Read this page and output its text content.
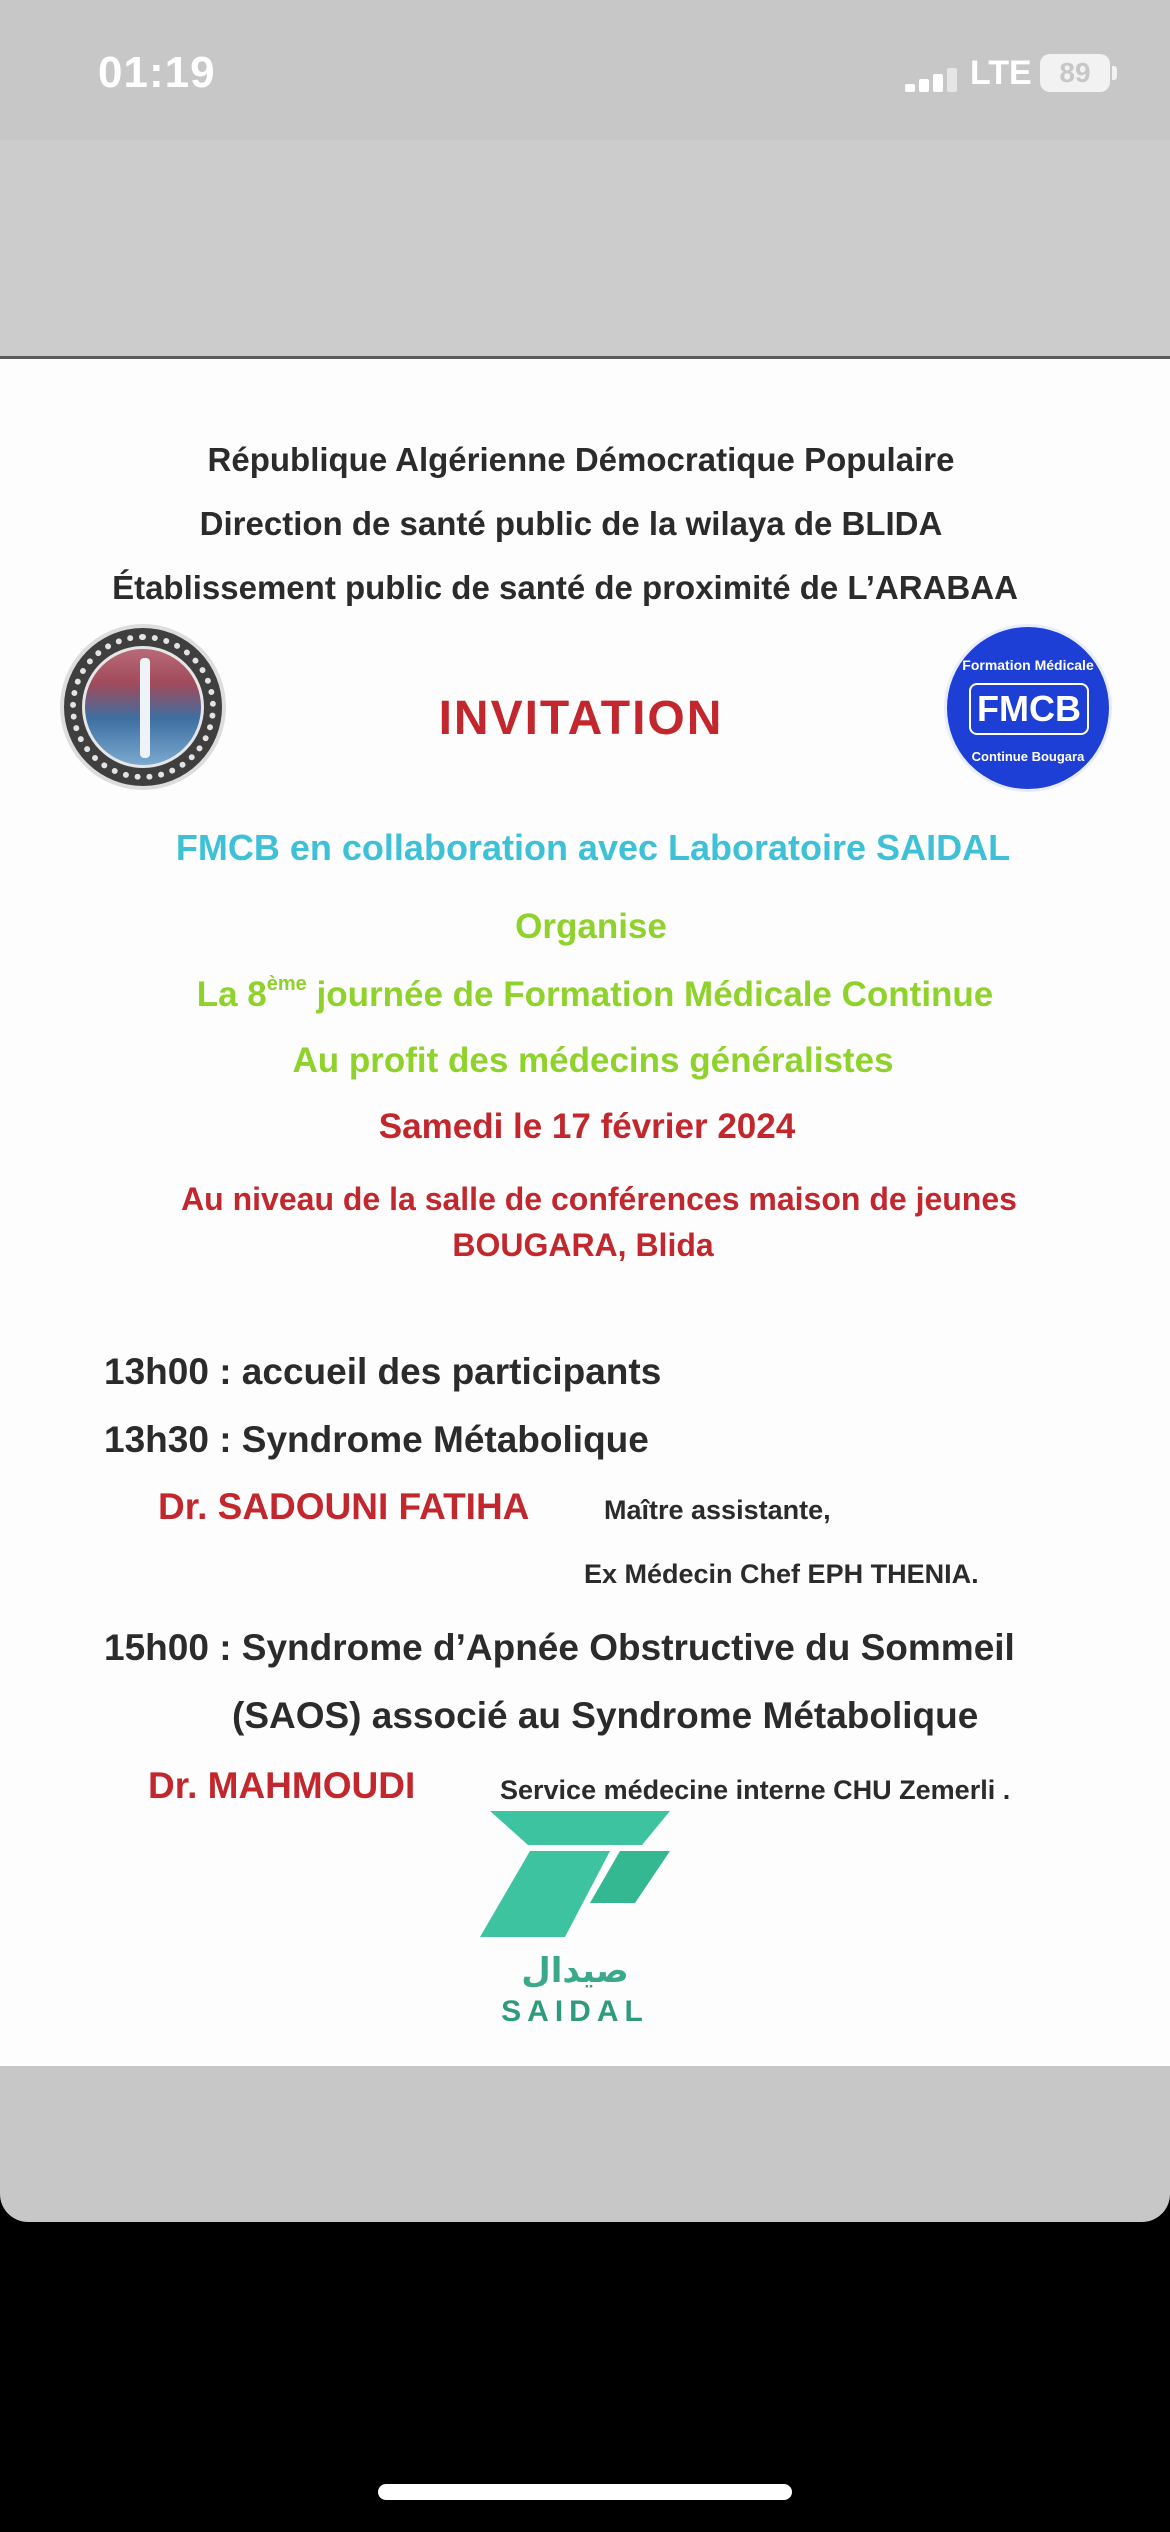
01:19	LTE 89
République Algérienne Démocratique Populaire
Direction de santé public de la wilaya de BLIDA
Établissement public de santé de proximité de L’ARABAA
INVITATION
Formation Médicale
FMCB
Continue Bougara
FMCB en collaboration avec Laboratoire SAIDAL
Organise
La 8ème journée de Formation Médicale Continue
Au profit des médecins généralistes
Samedi le 17 février 2024
Au niveau de la salle de conférences maison de jeunes
BOUGARA, Blida
13h00 : accueil des participants
13h30 : Syndrome Métabolique
Dr. SADOUNI FATIHA	Maître assistante,
Ex Médecin Chef EPH THENIA.
15h00 : Syndrome d’Apnée Obstructive du Sommeil
(SAOS) associé au Syndrome Métabolique
Dr. MAHMOUDI	Service médecine interne CHU Zemerli .
صيدال
SAIDAL
